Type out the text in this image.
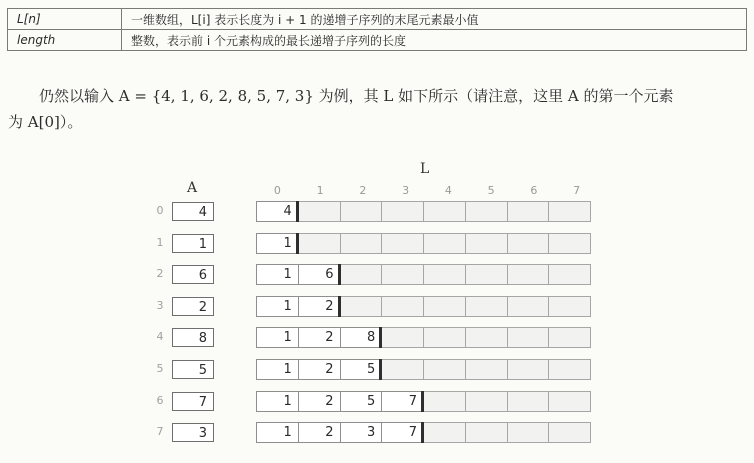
L[n]	一维数组，L[i] 表示长度为 i + 1 的递增子序列的末尾元素最小值
length	整数，表示前 i 个元素构成的最长递增子序列的长度

仍然以输入 A = {4, 1, 6, 2, 8, 5, 7, 3} 为例，其 L 如下所示（请注意，这里 A 的第一个元素
为 A[0]）。

L
A	0	1	2	3	4	5	6	7
0	4	4
1	1	1
2	6	1	6
3	2	1	2
4	8	1	2	8
5	5	1	2	5
6	7	1	2	5	7
7	3	1	2	3	7
